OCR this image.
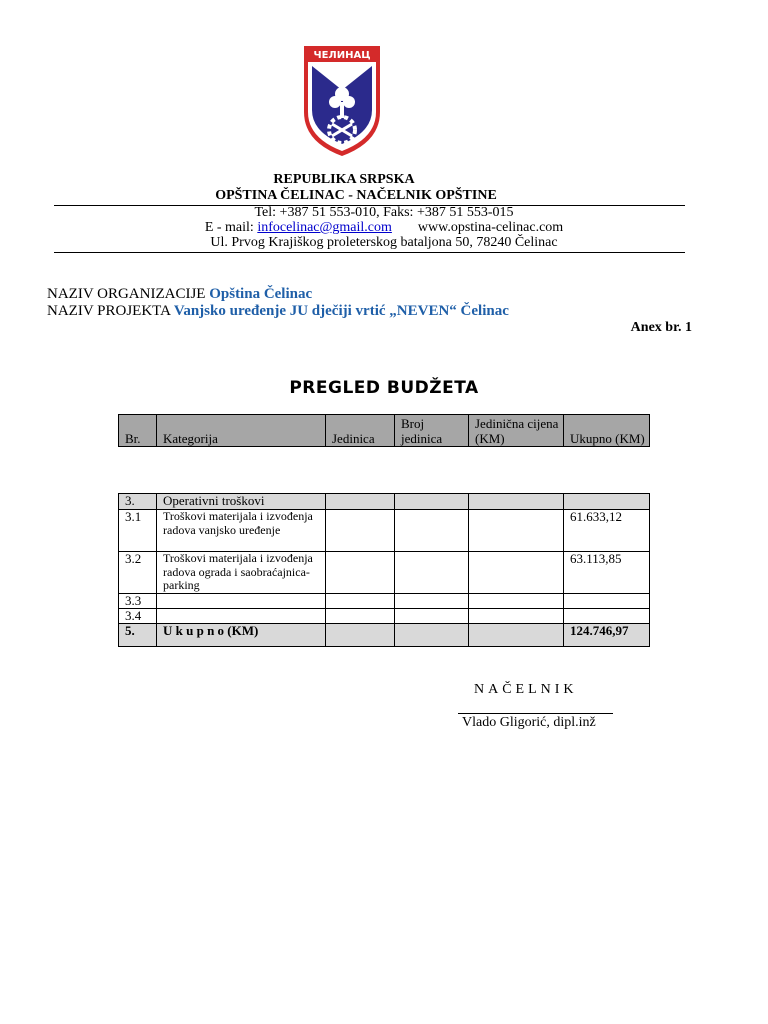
ЧЕЛИНАЦ
REPUBLIKA SRPSKA
OPŠTINA ČELINAC - NAČELNIK OPŠTINE
Tel: +387 51 553-010, Faks: +387 51 553-015
E - mail: infocelinac@gmail.com www.opstina-celinac.com
Ul. Prvog Krajiškog proleterskog bataljona 50, 78240 Čelinac
NAZIV ORGANIZACIJE Opština Čelinac
NAZIV PROJEKTA Vanjsko uređenje JU dječiji vrtić „NEVEN“ Čelinac
Anex br. 1
PREGLED BUDŽETA
Br.	Kategorija	Jedinica	Broj jedinica	Jedinična cijena (KM)	Ukupno (KM)
3.	Operativni troškovi				
3.1	Troškovi materijala i izvođenja radova vanjsko uređenje				61.633,12
3.2	Troškovi materijala i izvođenja radova ograda i saobraćajnica-parking				63.113,85
3.3					
3.4					
5.	U k u p n o (KM)				124.746,97
NAČELNIK
Vlado Gligorić, dipl.inž
